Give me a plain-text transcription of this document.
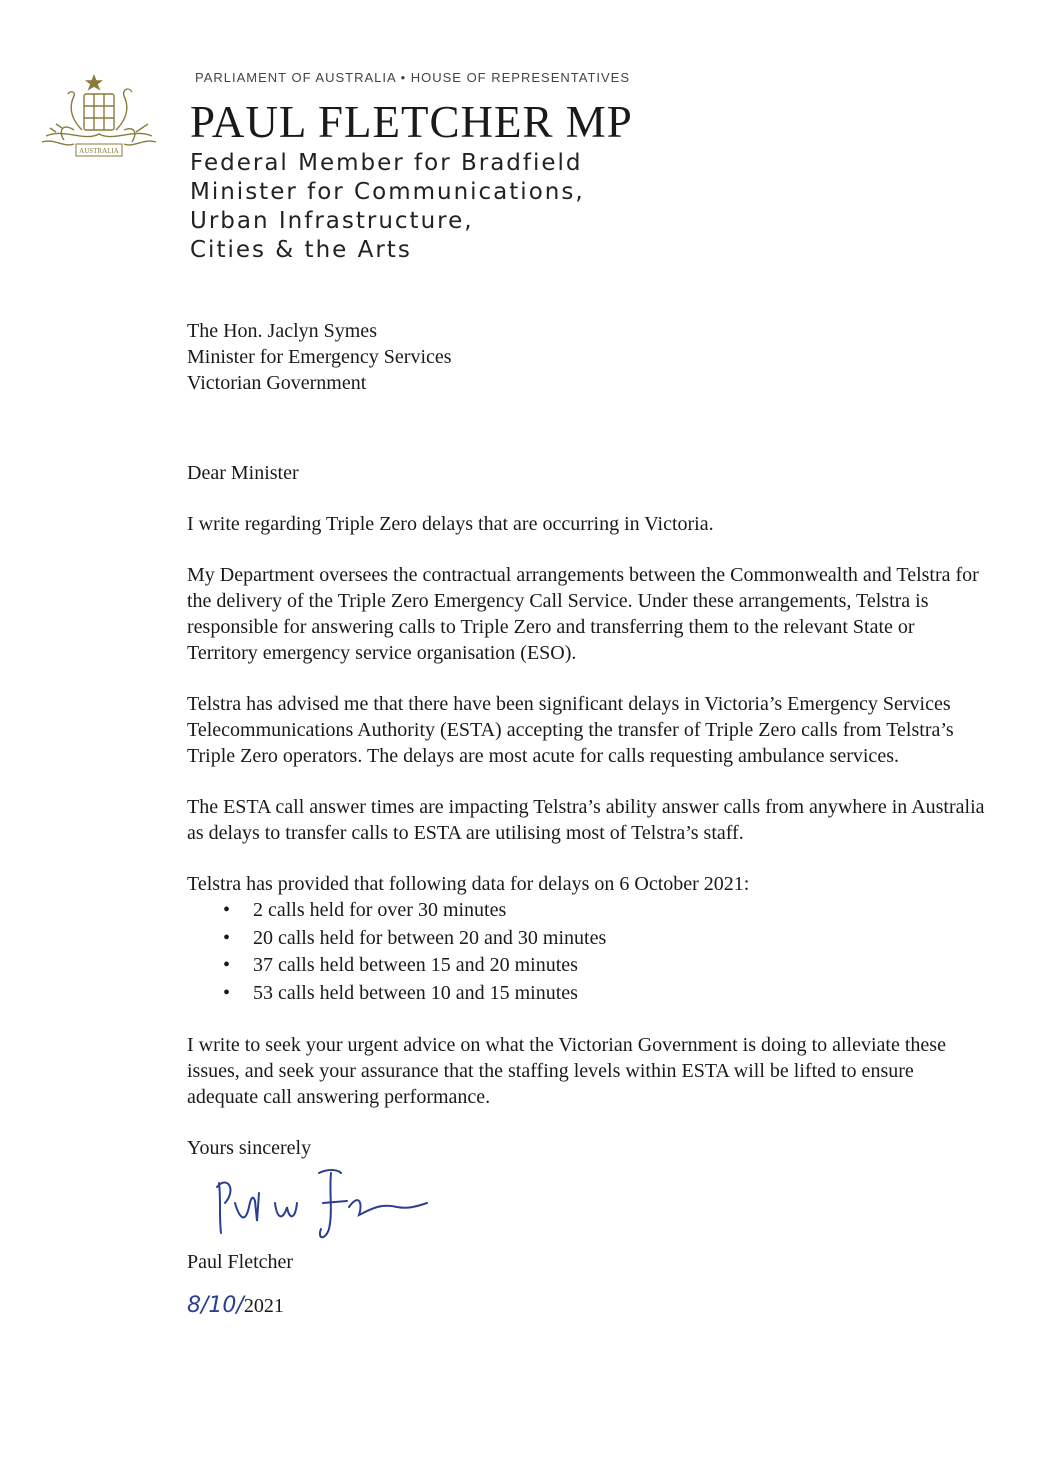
AUSTRALIA
PARLIAMENT OF AUSTRALIA • HOUSE OF REPRESENTATIVES
PAUL FLETCHER MP
Federal Member for Bradfield
Minister for Communications,
Urban Infrastructure,
Cities & the Arts
The Hon. Jaclyn Symes
Minister for Emergency Services
Victorian Government

Dear Minister

I write regarding Triple Zero delays that are occurring in Victoria.

My Department oversees the contractual arrangements between the Commonwealth and Telstra for the delivery of the Triple Zero Emergency Call Service. Under these arrangements, Telstra is responsible for answering calls to Triple Zero and transferring them to the relevant State or Territory emergency service organisation (ESO).

Telstra has advised me that there have been significant delays in Victoria’s Emergency Services Telecommunications Authority (ESTA) accepting the transfer of Triple Zero calls from Telstra’s Triple Zero operators. The delays are most acute for calls requesting ambulance services.

The ESTA call answer times are impacting Telstra’s ability answer calls from anywhere in Australia as delays to transfer calls to ESTA are utilising most of Telstra’s staff.

Telstra has provided that following data for delays on 6 October 2021:

• 2 calls held for over 30 minutes
• 20 calls held for between 20 and 30 minutes
• 37 calls held between 15 and 20 minutes
• 53 calls held between 10 and 15 minutes

I write to seek your urgent advice on what the Victorian Government is doing to alleviate these issues, and seek your assurance that the staffing levels within ESTA will be lifted to ensure adequate call answering performance.

Yours sincerely
Paul Fletcher
8/10/2021
